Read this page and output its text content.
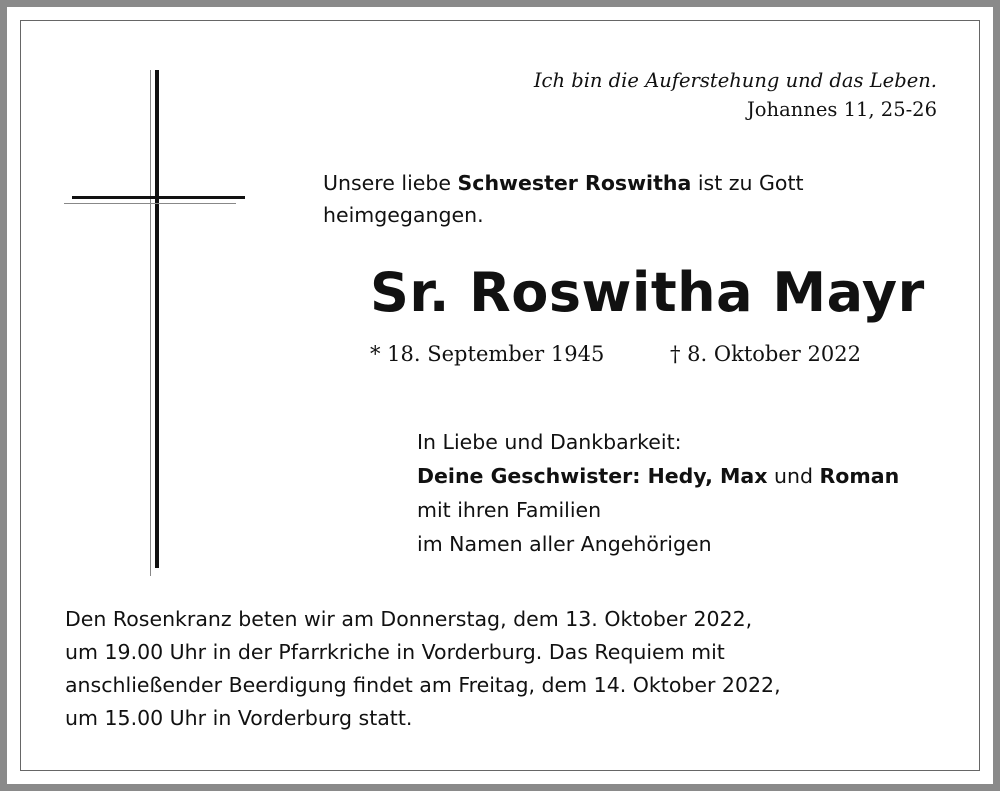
Ich bin die Auferstehung und das Leben.
Johannes 11, 25-26
Unsere liebe Schwester Roswitha ist zu Gott
heimgegangen.
Sr. Roswitha Mayr
* 18. September 1945	† 8. Oktober 2022
In Liebe und Dankbarkeit:
Deine Geschwister: Hedy, Max und Roman
mit ihren Familien
im Namen aller Angehörigen
Den Rosenkranz beten wir am Donnerstag, dem 13. Oktober 2022,
um 19.00 Uhr in der Pfarrkriche in Vorderburg. Das Requiem mit
anschließender Beerdigung findet am Freitag, dem 14. Oktober 2022,
um 15.00 Uhr in Vorderburg statt.
